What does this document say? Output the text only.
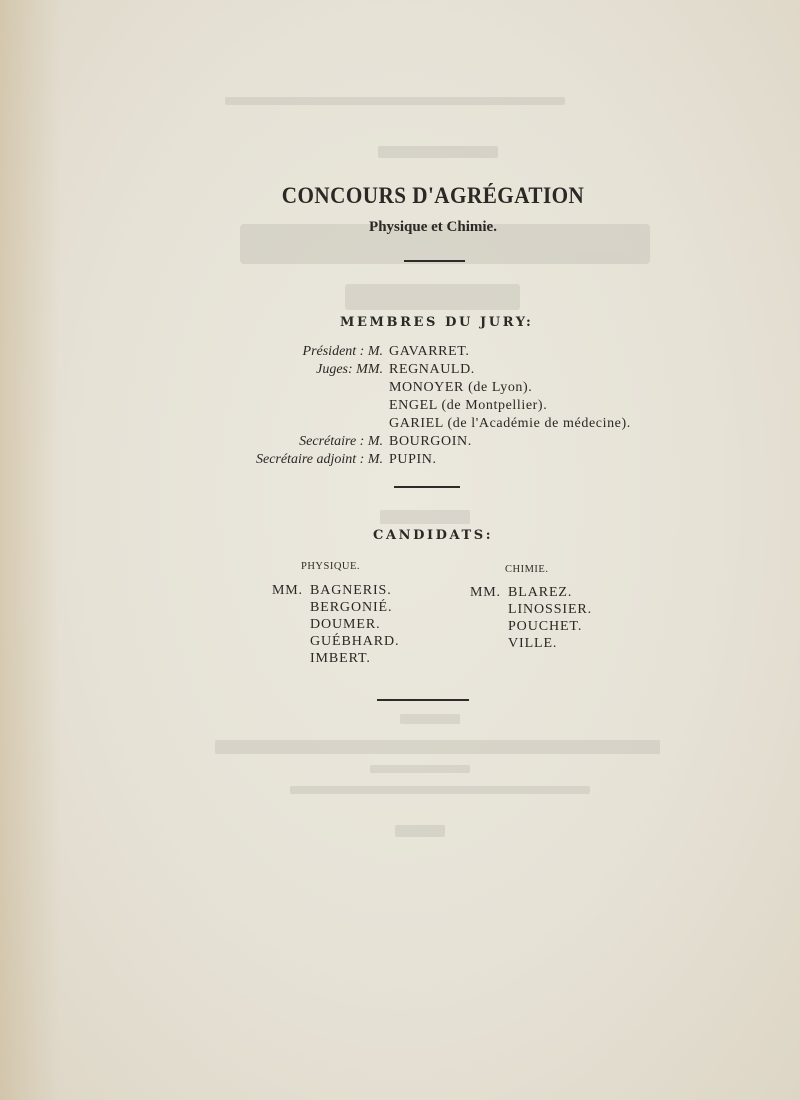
CONCOURS D'AGRÉGATION
Physique et Chimie.
MEMBRES DU JURY:
Président : M. GAVARRET.
Juges: MM. REGNAULD.
MONOYER (de Lyon).
ENGEL (de Montpellier).
GARIEL (de l'Académie de médecine).
Secrétaire : M. BOURGOIN.
Secrétaire adjoint : M. PUPIN.
CANDIDATS:
PHYSIQUE.
MM. BAGNERIS.
BERGONIÉ.
DOUMER.
GUÉBHARD.
IMBERT.
CHIMIE.
MM. BLAREZ.
LINOSSIER.
POUCHET.
VILLE.
